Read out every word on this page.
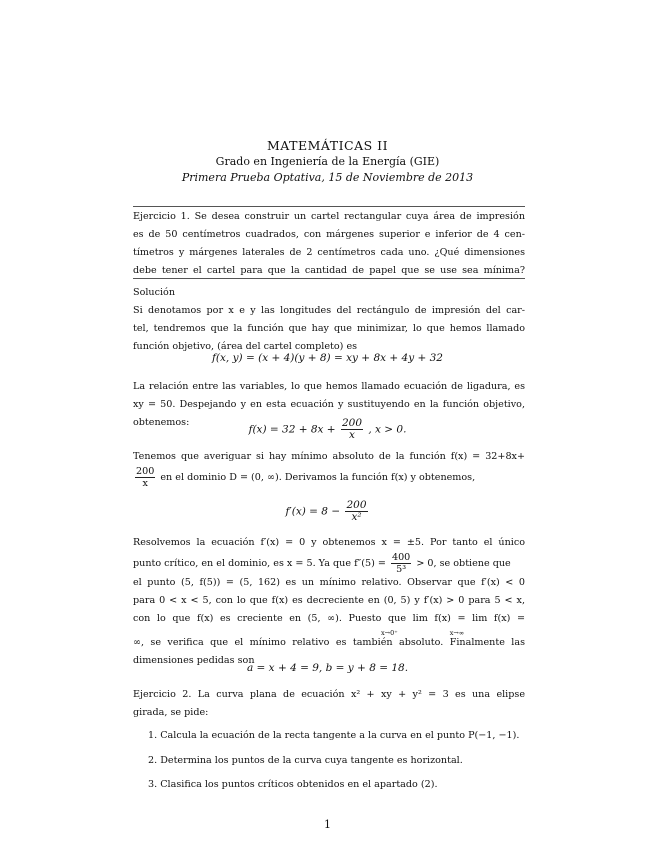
MATEMÁTICAS II
Grado en Ingeniería de la Energía (GIE)
Primera Prueba Optativa, 15 de Noviembre de 2013
Ejercicio 1. Se desea construir un cartel rectangular cuya área de impresión
es de 50 centímetros cuadrados, con márgenes superior e inferior de 4 cen-
tímetros y márgenes laterales de 2 centímetros cada uno. ¿Qué dimensiones
debe tener el cartel para que la cantidad de papel que se use sea mínima?
Solución
Si denotamos por x e y las longitudes del rectángulo de impresión del car-
tel, tendremos que la función que hay que minimizar, lo que hemos llamado
función objetivo, (área del cartel completo) es
f(x, y) = (x + 4)(y + 8) = xy + 8x + 4y + 32
La relación entre las variables, lo que hemos llamado ecuación de ligadura, es
xy = 50. Despejando y en esta ecuación y sustituyendo en la función objetivo,
obtenemos:
$f(x) = 32 + 8x + \frac{200}{x}$ , x > 0.
Tenemos que averiguar si hay mínimo absoluto de la función f(x) = 32+8x+
$\frac{200}{x}$ en el dominio D = (0, ∞). Derivamos la función f(x) y obtenemos,
$f'(x) = 8 - \frac{200}{\text{x²}}$
Resolvemos la ecuación f′(x) = 0 y obtenemos x = ±5. Por tanto el único
punto crítico, en el dominio, es x = 5. Ya que $f''(5) = \frac{400}{\text{5³}} > 0$, se obtiene que
el punto (5, f(5)) = (5, 162) es un mínimo relativo. Observar que f′(x) < 0
para 0 < x < 5, con lo que f(x) es decreciente en (0, 5) y f′(x) > 0 para 5 < x,
con lo que f(x) es creciente en (5, ∞). Puesto que lim f(x) = lim f(x) =
x→0⁺	x→∞
∞, se verifica que el mínimo relativo es también absoluto. Finalmente las
dimensiones pedidas son
a = x + 4 = 9, b = y + 8 = 18.
Ejercicio 2. La curva plana de ecuación x² + xy + y² = 3 es una elipse
girada, se pide:
1. Calcula la ecuación de la recta tangente a la curva en el punto P(−1, −1).
2. Determina los puntos de la curva cuya tangente es horizontal.
3. Clasifica los puntos críticos obtenidos en el apartado (2).
1
